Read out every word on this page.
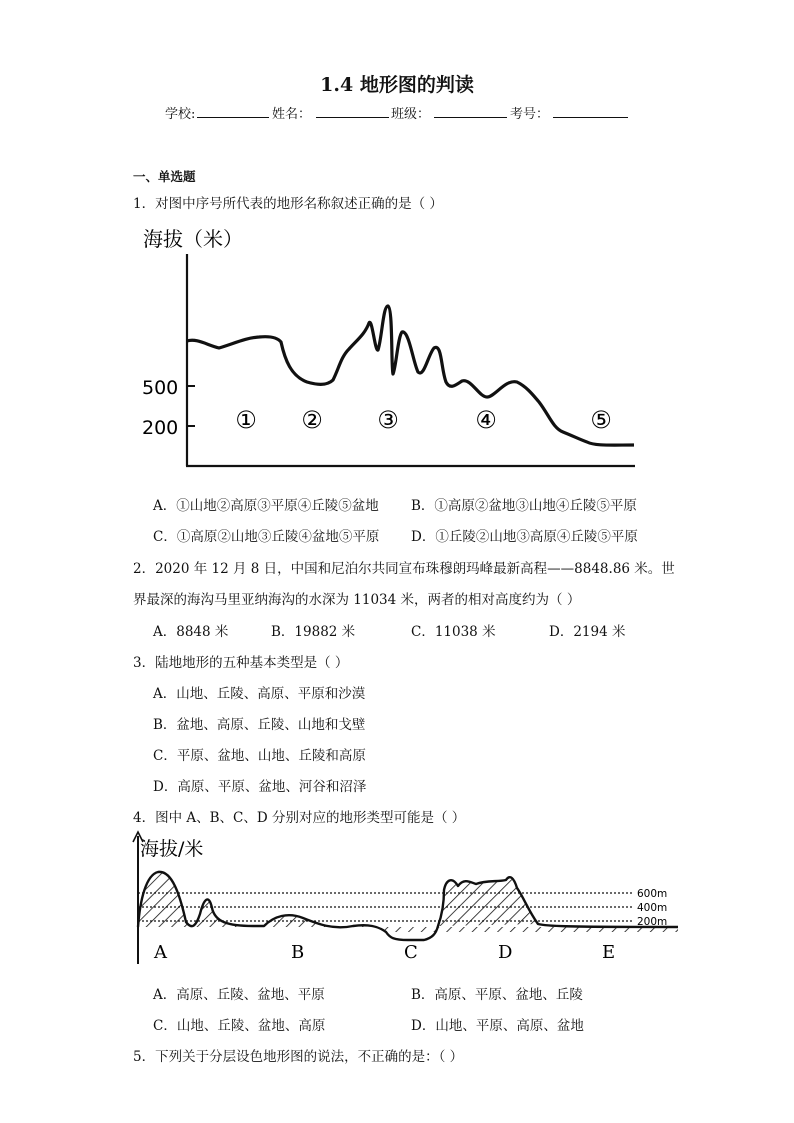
1.4 地形图的判读
学校:	姓名：	班级：	考号：
一、单选题
1．对图中序号所代表的地形名称叙述正确的是（ ）
海拔（米）
500
200 ① ② ③	④	⑤
A．①山地②高原③平原④丘陵⑤盆地 B．①高原②盆地③山地④丘陵⑤平原
C．①高原②山地③丘陵④盆地⑤平原 D．①丘陵②山地③高原④丘陵⑤平原
2．2020 年 12 月 8 日，中国和尼泊尔共同宣布珠穆朗玛峰最新高程——8848.86 米。世
界最深的海沟马里亚纳海沟的水深为 11034 米，两者的相对高度约为（ ）
A．8848 米	B．19882 米	C．11038 米	D．2194 米
3．陆地地形的五种基本类型是（ ）
A．山地、丘陵、高原、平原和沙漠
B．盆地、高原、丘陵、山地和戈壁
C．平原、盆地、山地、丘陵和高原
D．高原、平原、盆地、河谷和沼泽
4．图中 A、B、C、D 分别对应的地形类型可能是（ ）
海拔/米
600m
400m
200m
A	B	C	D	E
A．高原、丘陵、盆地、平原	B．高原、平原、盆地、丘陵
C．山地、丘陵、盆地、高原	D．山地、平原、高原、盆地
5．下列关于分层设色地形图的说法，不正确的是：（ ）
